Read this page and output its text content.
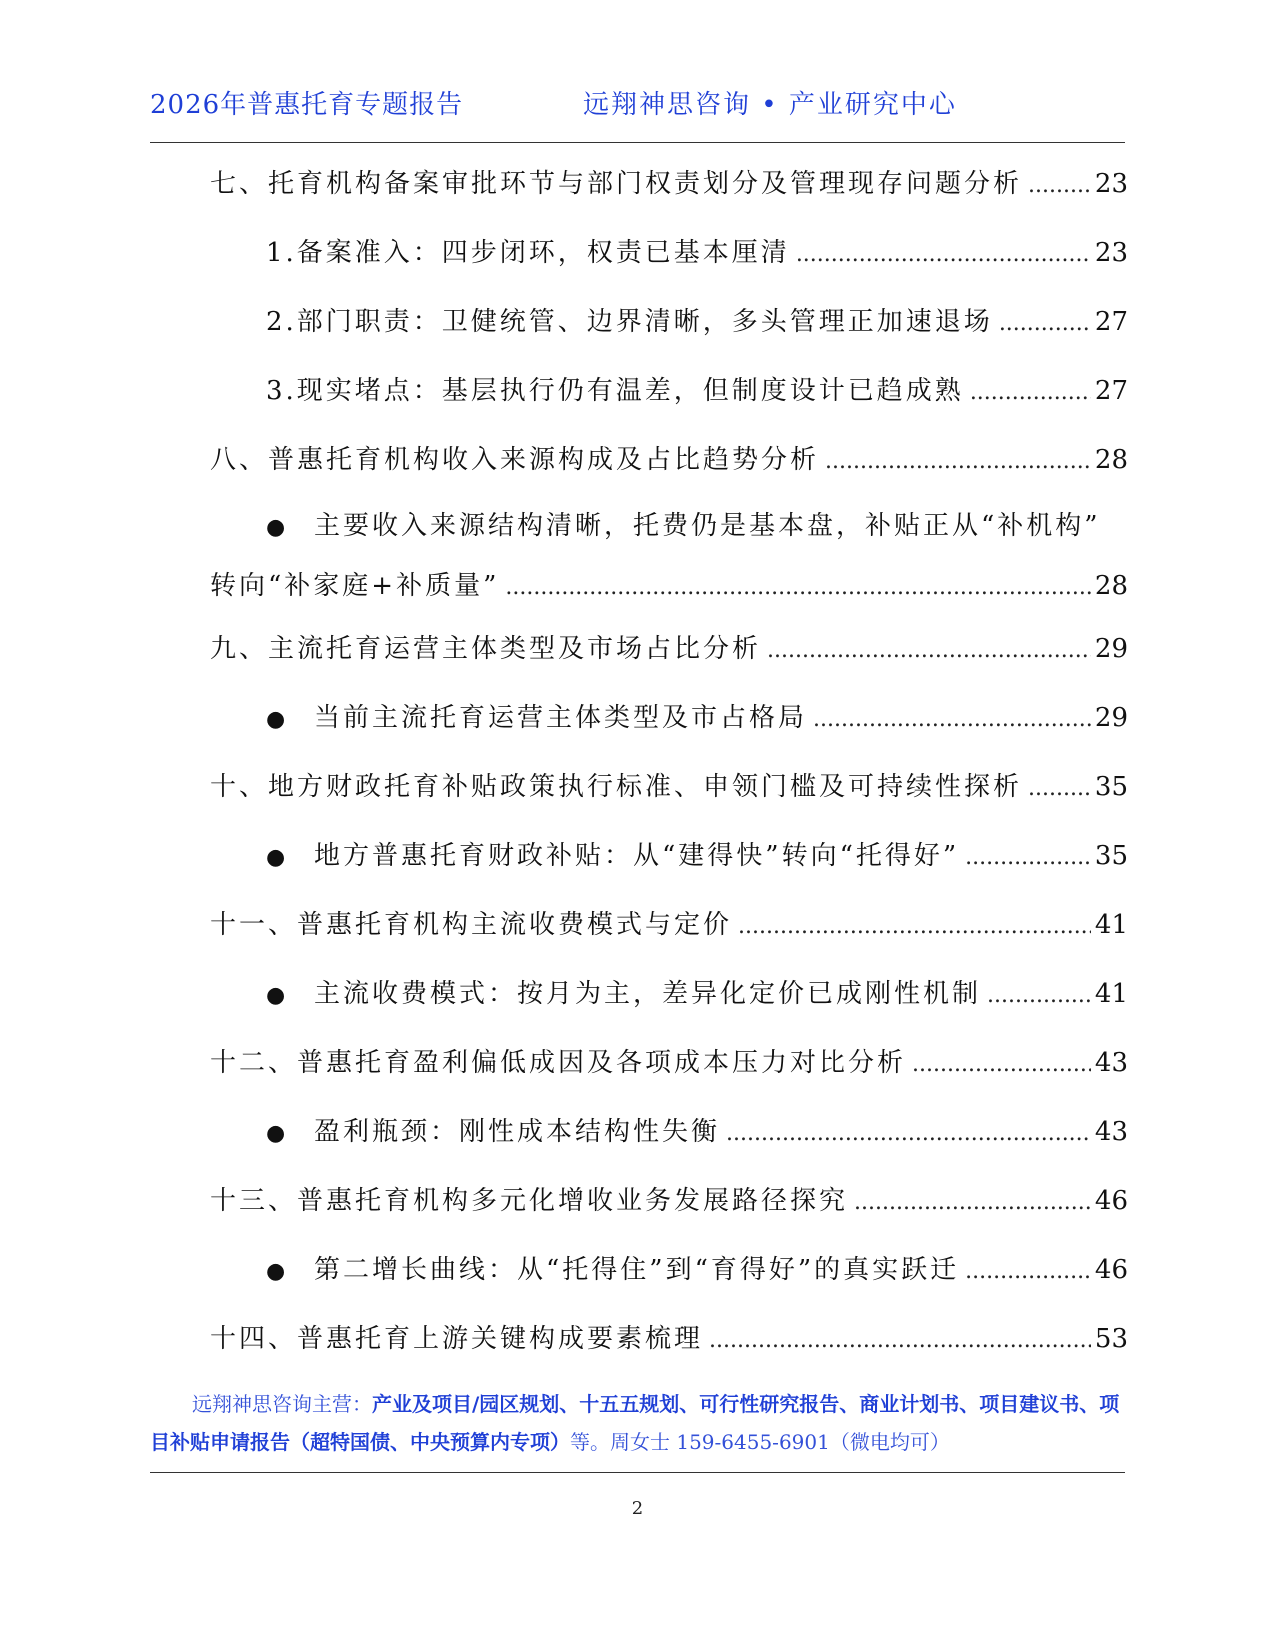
2026年普惠托育专题报告	远翔神思咨询 • 产业研究中心
七、托育机构备案审批环节与部门权责划分及管理现存问题分析 .....	23
1.备案准入：四步闭环，权责已基本厘清 .....	23
2.部门职责：卫健统管、边界清晰，多头管理正加速退场 .....	27
3.现实堵点：基层执行仍有温差，但制度设计已趋成熟 .....	27
八、普惠托育机构收入来源构成及占比趋势分析 .....	28
● 主要收入来源结构清晰，托费仍是基本盘，补贴正从“补机构”
转向“补家庭+补质量” .....	28
九、主流托育运营主体类型及市场占比分析 .....	29
● 当前主流托育运营主体类型及市占格局 .....	29
十、地方财政托育补贴政策执行标准、申领门槛及可持续性探析 .....	35
● 地方普惠托育财政补贴：从“建得快”转向“托得好” .....	35
十一、普惠托育机构主流收费模式与定价 .....	41
● 主流收费模式：按月为主，差异化定价已成刚性机制 .....	41
十二、普惠托育盈利偏低成因及各项成本压力对比分析 .....	43
● 盈利瓶颈：刚性成本结构性失衡 .....	43
十三、普惠托育机构多元化增收业务发展路径探究 .....	46
● 第二增长曲线：从“托得住”到“育得好”的真实跃迁 .....	46
十四、普惠托育上游关键构成要素梳理 .....	53
远翔神思咨询主营：产业及项目/园区规划、十五五规划、可行性研究报告、商业计划书、项目建议书、项目补贴申请报告（超特国债、中央预算内专项）等。周女士 159-6455-6901（微电均可）
2
